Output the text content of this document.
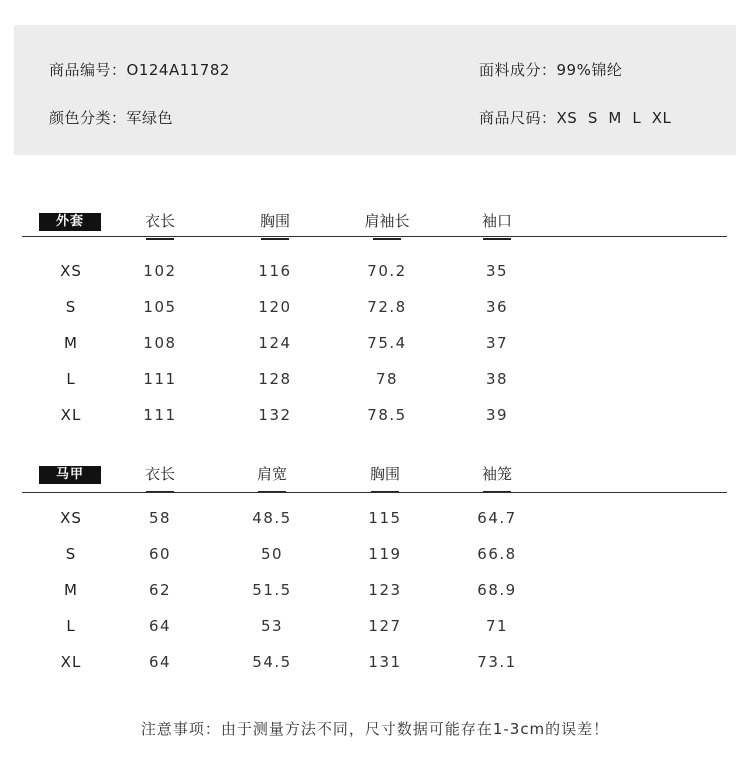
商品编号：O124A11782
颜色分类：军绿色
面料成分：99%锦纶
商品尺码：XS  S  M  L  XL
外套	衣长	胸围	肩袖长	袖口
XS	102	116	70.2	35
S	105	120	72.8	36
M	108	124	75.4	37
L	111	128	78	38
XL	111	132	78.5	39
马甲	衣长	肩宽	胸围	袖笼
XS	58	48.5	115	64.7
S	60	50	119	66.8
M	62	51.5	123	68.9
L	64	53	127	71
XL	64	54.5	131	73.1
注意事项：由于测量方法不同，尺寸数据可能存在1-3cm的误差！
